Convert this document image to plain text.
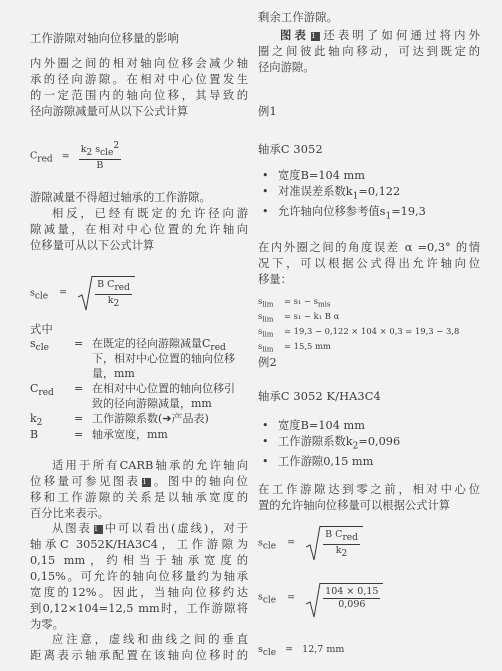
工作游隙对轴向位移量的影响
内外圈之间的相对轴向位移会减少轴
承的径向游隙。在相对中心位置发生
的一定范围内的轴向位移，其导致的
径向游隙减量可从以下公式计算
$C_{red} = \frac{k_2 s_{cle}^2}{B}$
游隙减量不得超过轴承的工作游隙。
相反，已经有既定的允许径向游
隙减量，在相对中心位置的允许轴向
位移量可从以下公式计算
$s_{cle}$ =	$\frac{B C_{red}}{k_2}$
式中
$s_{cle}$ = 在既定的径向游隙减量$C_{red}$
下，相对中心位置的轴向位移
量，mm
$C_{red}$ = 在相对中心位置的轴向位移引
致的径向游隙减量，mm
$k_2$	= 工作游隙系数(➔产品表)
B	= 轴承宽度，mm
适用于所有CARB轴承的允许轴向
位移量可参见图表 1 。图中的轴向位
移和工作游隙的关系是以轴承宽度的
百分比来表示。
从图表 1 中可以看出(虚线)，对于
轴承C 3052K/HA3C4，工作游隙为
0,15 mm，约相当于轴承宽度的
0,15%。可允许的轴向位移量约为轴承
宽度的12%。因此，当轴向位移约达
到0,12×104=12,5 mm时，工作游隙将
为零。
应注意，虚线和曲线之间的垂直
距离表示轴承配置在该轴向位移时的
剩余工作游隙。
图表 1 还表明了如何通过将内外
圈之间彼此轴向移动，可达到既定的
径向游隙。
例1
轴承C 3052
• 宽度B=104 mm
• 对准误差系数$k_1=0,122$
• 允许轴向位移参考值$s_1=19,3$
在内外圈之间的角度误差 α =0,3° 的情
况下，可以根据公式得出允许轴向位
移量：
$s_{lim} = s_1 - s_{mis}$
$s_{lim} = s_1 - k_1$ B α
$s_{lim} = 19,3 - 0,122 \times 104 \times 0,3 = 19,3 - 3,8$
$s_{lim} = 15,5$ mm
例2
轴承C 3052 K/HA3C4
• 宽度B=104 mm
• 工作游隙系数$k_2=0,096$
• 工作游隙0,15 mm
在工作游隙达到零之前，相对中心位
置的允许轴向位移量可以根据公式计算
$s_{cle}$ =	$\frac{B C_{red}}{k_2}$
$s_{cle}$ =	$\frac{104 \times 0,15}{0,096}$
$s_{cle} = 12,7$ mm
